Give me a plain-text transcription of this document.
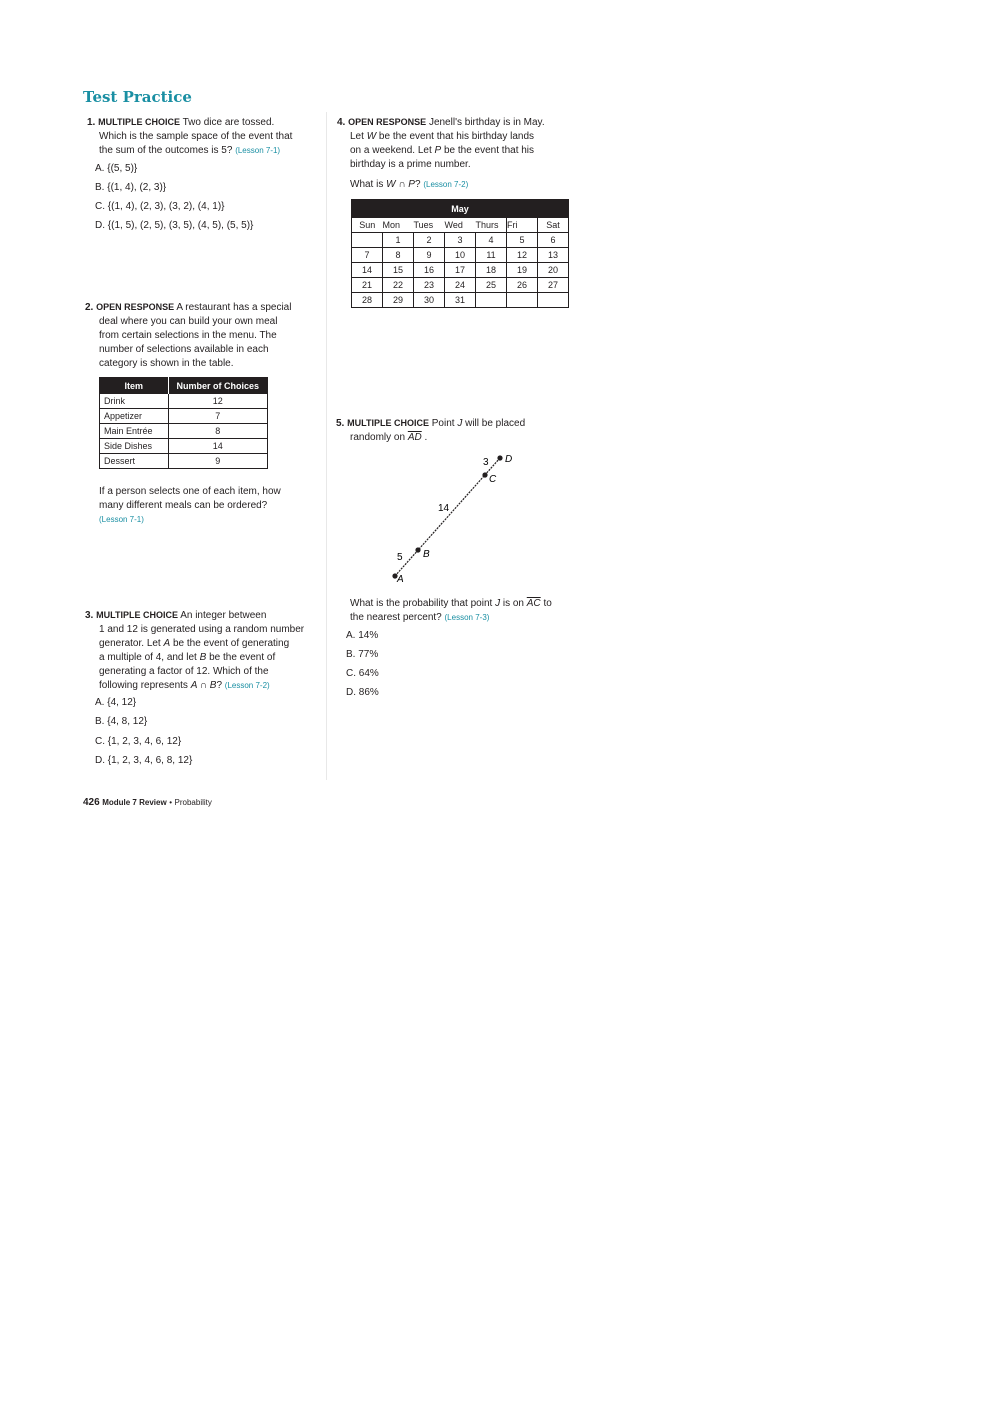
Test Practice
1. MULTIPLE CHOICE Two dice are tossed.
Which is the sample space of the event that
the sum of the outcomes is 5? (Lesson 7-1)
A. {(5, 5)}
B. {(1, 4), (2, 3)}
C. {(1, 4), (2, 3), (3, 2), (4, 1)}
D. {(1, 5), (2, 5), (3, 5), (4, 5), (5, 5)}
2. OPEN RESPONSE A restaurant has a special
deal where you can build your own meal
from certain selections in the menu. The
number of selections available in each
category is shown in the table.
Item	Number of Choices
Drink	12
Appetizer	7
Main Entrée	8
Side Dishes	14
Dessert	9
If a person selects one of each item, how
many different meals can be ordered?
(Lesson 7-1)
3. MULTIPLE CHOICE An integer between
1 and 12 is generated using a random number
generator. Let A be the event of generating
a multiple of 4, and let B be the event of
generating a factor of 12. Which of the
following represents A ∩ B? (Lesson 7-2)
A. {4, 12}
B. {4, 8, 12}
C. {1, 2, 3, 4, 6, 12}
D. {1, 2, 3, 4, 6, 8, 12}
4. OPEN RESPONSE Jenell's birthday is in May.
Let W be the event that his birthday lands
on a weekend. Let P be the event that his
birthday is a prime number.
What is W ∩ P? (Lesson 7-2)
May						
Sun	Mon	Tues	Wed	Thurs	Fri	Sat
	1	2	3	4	5	6
7	8	9	10	11	12	13
14	15	16	17	18	19	20
21	22	23	24	25	26	27
28	29	30	31			
5. MULTIPLE CHOICE Point J will be placed
randomly on $\overline{AD}$ .
A
B
C
D
5
14
3
What is the probability that point J is on $\overline{AC}$ to
the nearest percent? (Lesson 7-3)
A. 14%
B. 77%
C. 64%
D. 86%
426 Module 7 Review • Probability
